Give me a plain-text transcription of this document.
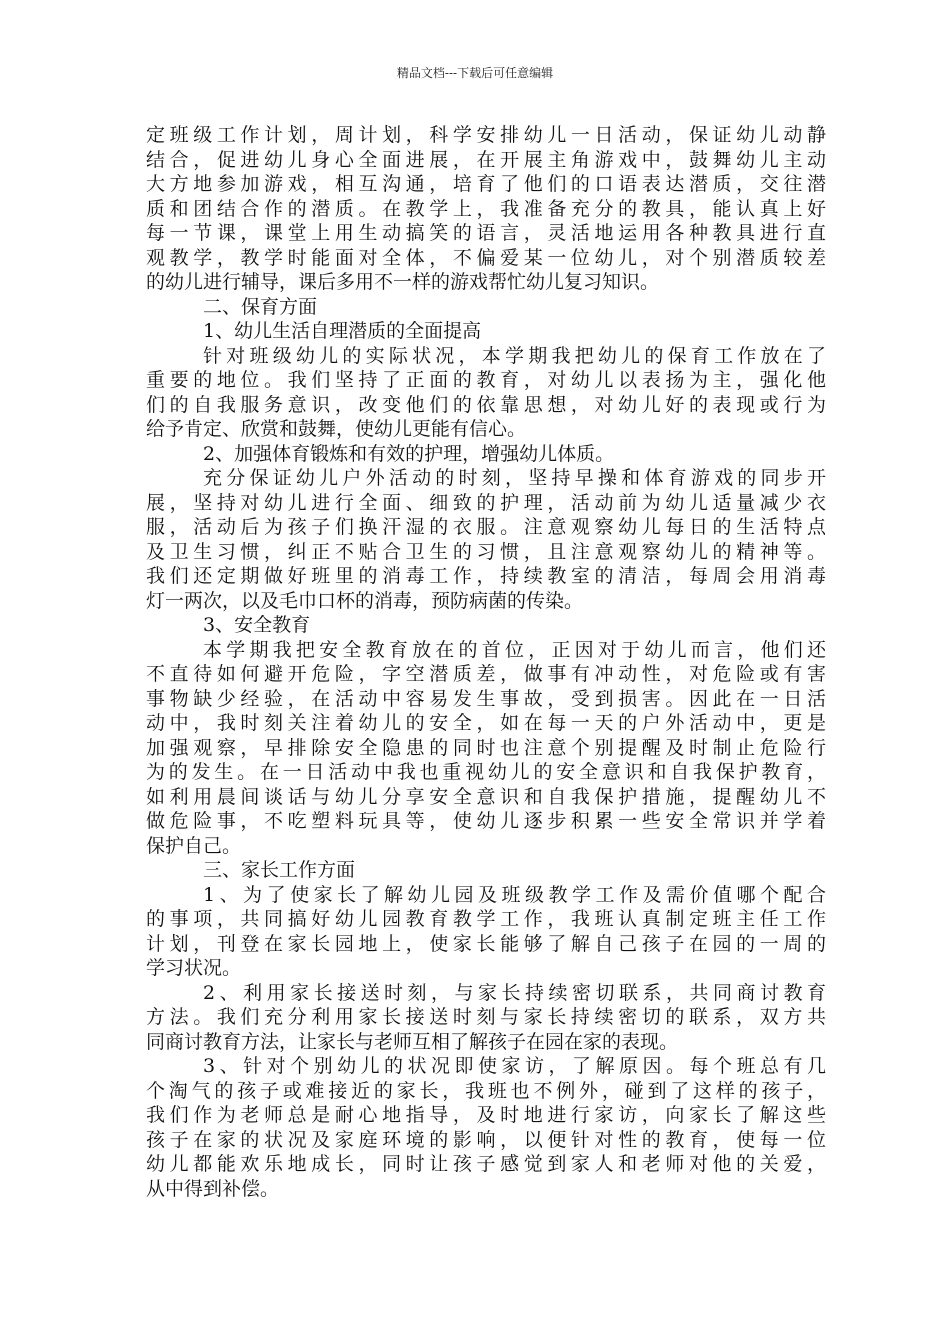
精品文档---下载后可任意编辑
定班级工作计划，周计划，科学安排幼儿一日活动，保证幼儿动静
结合，促进幼儿身心全面进展，在开展主角游戏中，鼓舞幼儿主动
大方地参加游戏，相互沟通，培育了他们的口语表达潜质，交往潜
质和团结合作的潜质。在教学上，我准备充分的教具，能认真上好
每一节课，课堂上用生动搞笑的语言，灵活地运用各种教具进行直
观教学，教学时能面对全体，不偏爱某一位幼儿，对个别潜质较差
的幼儿进行辅导，课后多用不一样的游戏帮忙幼儿复习知识。
二、保育方面
1、幼儿生活自理潜质的全面提高
针对班级幼儿的实际状况，本学期我把幼儿的保育工作放在了
重要的地位。我们坚持了正面的教育，对幼儿以表扬为主，强化他
们的自我服务意识，改变他们的依靠思想，对幼儿好的表现或行为
给予肯定、欣赏和鼓舞，使幼儿更能有信心。
2、加强体育锻炼和有效的护理，增强幼儿体质。
充分保证幼儿户外活动的时刻，坚持早操和体育游戏的同步开
展，坚持对幼儿进行全面、细致的护理，活动前为幼儿适量减少衣
服，活动后为孩子们换汗湿的衣服。注意观察幼儿每日的生活特点
及卫生习惯，纠正不贴合卫生的习惯，且注意观察幼儿的精神等。
我们还定期做好班里的消毒工作，持续教室的清洁，每周会用消毒
灯一两次，以及毛巾口杯的消毒，预防病菌的传染。
3、安全教育
本学期我把安全教育放在的首位，正因对于幼儿而言，他们还
不直待如何避开危险，字空潜质差，做事有冲动性，对危险或有害
事物缺少经验，在活动中容易发生事故，受到损害。因此在一日活
动中，我时刻关注着幼儿的安全，如在每一天的户外活动中，更是
加强观察，早排除安全隐患的同时也注意个别提醒及时制止危险行
为的发生。在一日活动中我也重视幼儿的安全意识和自我保护教育，
如利用晨间谈话与幼儿分享安全意识和自我保护措施，提醒幼儿不
做危险事，不吃塑料玩具等，使幼儿逐步积累一些安全常识并学着
保护自己。
三、家长工作方面
1、为了使家长了解幼儿园及班级教学工作及需价值哪个配合
的事项，共同搞好幼儿园教育教学工作，我班认真制定班主任工作
计划，刊登在家长园地上，使家长能够了解自己孩子在园的一周的
学习状况。
2、利用家长接送时刻，与家长持续密切联系，共同商讨教育
方法。我们充分利用家长接送时刻与家长持续密切的联系，双方共
同商讨教育方法，让家长与老师互相了解孩子在园在家的表现。
3、针对个别幼儿的状况即使家访，了解原因。每个班总有几
个淘气的孩子或难接近的家长，我班也不例外，碰到了这样的孩子，
我们作为老师总是耐心地指导，及时地进行家访，向家长了解这些
孩子在家的状况及家庭环境的影响，以便针对性的教育，使每一位
幼儿都能欢乐地成长，同时让孩子感觉到家人和老师对他的关爱，
从中得到补偿。
